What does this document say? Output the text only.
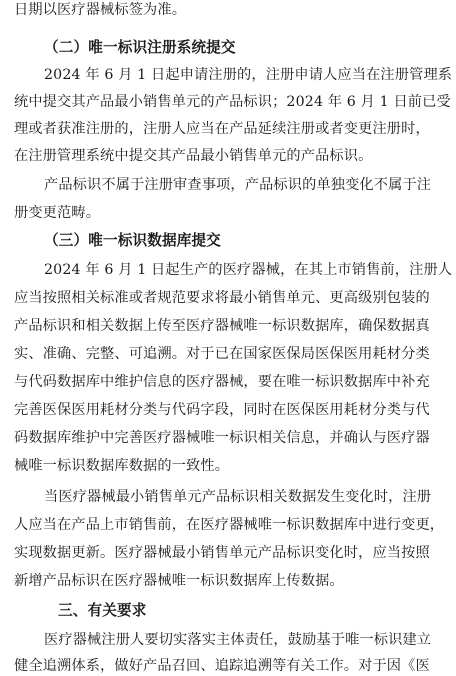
日期以医疗器械标签为准。
（二）唯一标识注册系统提交
2024 年 6 月 1 日起申请注册的，注册申请人应当在注册管理系
统中提交其产品最小销售单元的产品标识；2024 年 6 月 1 日前已受
理或者获准注册的，注册人应当在产品延续注册或者变更注册时，
在注册管理系统中提交其产品最小销售单元的产品标识。
产品标识不属于注册审查事项，产品标识的单独变化不属于注
册变更范畴。
（三）唯一标识数据库提交
2024 年 6 月 1 日起生产的医疗器械，在其上市销售前，注册人
应当按照相关标准或者规范要求将最小销售单元、更高级别包装的
产品标识和相关数据上传至医疗器械唯一标识数据库，确保数据真
实、准确、完整、可追溯。对于已在国家医保局医保医用耗材分类
与代码数据库中维护信息的医疗器械，要在唯一标识数据库中补充
完善医保医用耗材分类与代码字段，同时在医保医用耗材分类与代
码数据库维护中完善医疗器械唯一标识相关信息，并确认与医疗器
械唯一标识数据库数据的一致性。
当医疗器械最小销售单元产品标识相关数据发生变化时，注册
人应当在产品上市销售前，在医疗器械唯一标识数据库中进行变更，
实现数据更新。医疗器械最小销售单元产品标识变化时，应当按照
新增产品标识在医疗器械唯一标识数据库上传数据。
三、有关要求
医疗器械注册人要切实落实主体责任，鼓励基于唯一标识建立
健全追溯体系，做好产品召回、追踪追溯等有关工作。对于因《医
